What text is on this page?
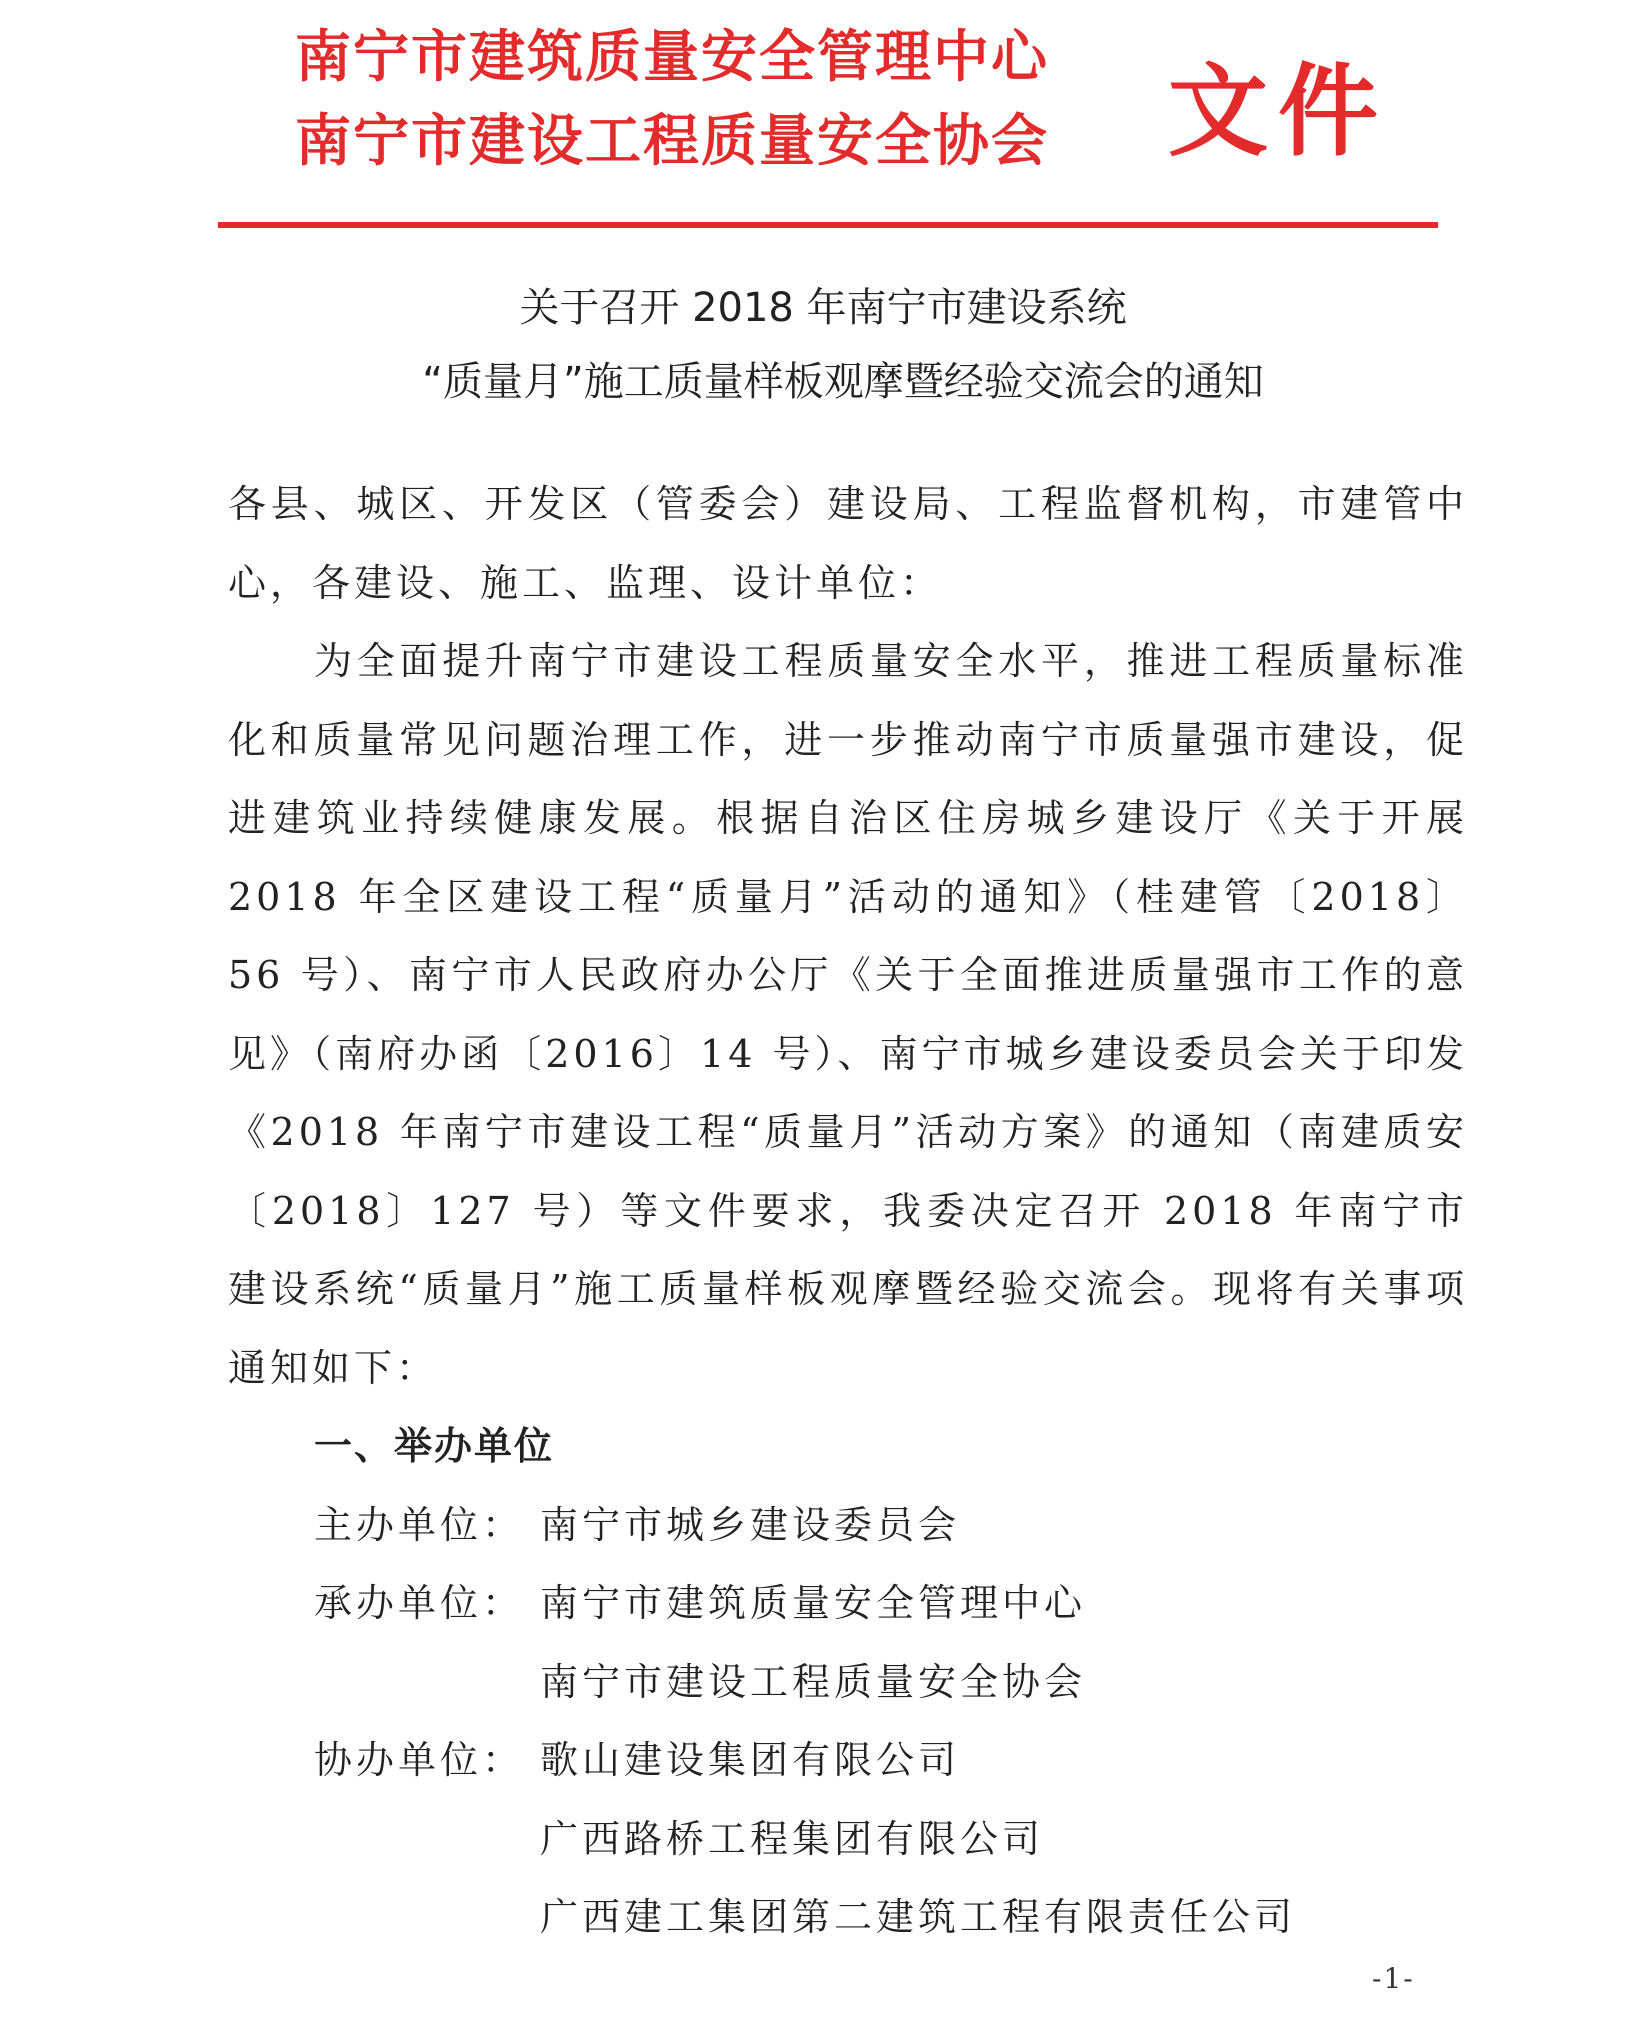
南宁市建筑质量安全管理中心
南宁市建设工程质量安全协会 文件
关于召开 2018 年南宁市建设系统
“质量月”施工质量样板观摩暨经验交流会的通知

各县、城区、开发区（管委会）建设局、工程监督机构，市建管中心，各建设、施工、监理、设计单位：

为全面提升南宁市建设工程质量安全水平，推进工程质量标准化和质量常见问题治理工作，进一步推动南宁市质量强市建设，促进建筑业持续健康发展。根据自治区住房城乡建设厅《关于开展 2018 年全区建设工程“质量月”活动的通知》（桂建管〔2018〕56 号）、南宁市人民政府办公厅《关于全面推进质量强市工作的意见》（南府办函〔2016〕14 号）、南宁市城乡建设委员会关于印发《2018 年南宁市建设工程“质量月”活动方案》的通知（南建质安〔2018〕127 号）等文件要求，我委决定召开 2018 年南宁市建设系统“质量月”施工质量样板观摩暨经验交流会。现将有关事项通知如下：

一、举办单位

主办单位： 南宁市城乡建设委员会
承办单位： 南宁市建筑质量安全管理中心
南宁市建设工程质量安全协会
协办单位： 歌山建设集团有限公司
广西路桥工程集团有限公司
广西建工集团第二建筑工程有限责任公司
-1-
